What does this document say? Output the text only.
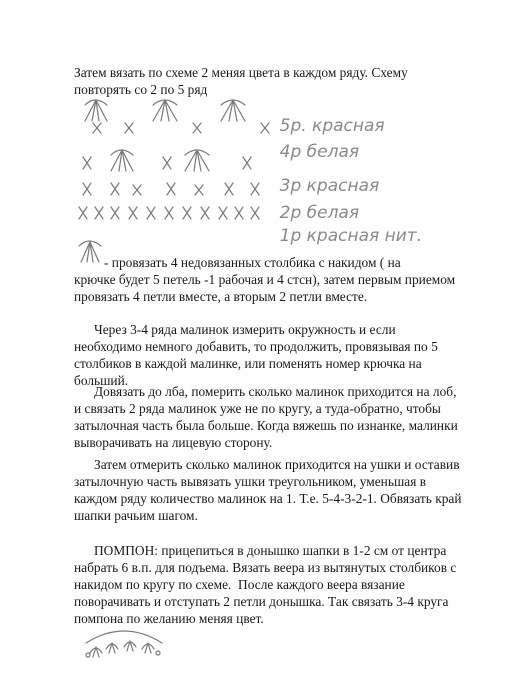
Затем вязать по схеме 2 меняя цвета в каждом ряду. Схему
повторять со 2 по 5 ряд

5р. красная

4р белая

3р красная

2р белая

1р красная нит.

- провязать 4 недовязанных столбика с накидом ( на
крючке будет 5 петель -1 рабочая и 4 стсн), затем первым приемом
провязать 4 петли вместе, а вторым 2 петли вместе.
Через 3-4 ряда малинок измерить окружность и если
необходимо немного добавить, то продолжить, провязывая по 5
столбиков в каждой малинке, или поменять номер крючка на
больший.
Довязать до лба, померить сколько малинок приходится на лоб,
и связать 2 ряда малинок уже не по кругу, а туда-обратно, чтобы
затылочная часть была больше. Когда вяжешь по изнанке, малинки
выворачивать на лицевую сторону.
Затем отмерить сколько малинок приходится на ушки и оставив
затылочную часть вывязать ушки треугольником, уменьшая в
каждом ряду количество малинок на 1. Т.е. 5-4-3-2-1. Обвязать край
шапки рачьим шагом.
ПОМПОН: прицепиться в донышко шапки в 1-2 см от центра
набрать 6 в.п. для подъема. Вязать веера из вытянутых столбиков с
накидом по кругу по схеме.  После каждого веера вязание
поворачивать и отступать 2 петли донышка. Так связать 3-4 круга
помпона по желанию меняя цвет.
